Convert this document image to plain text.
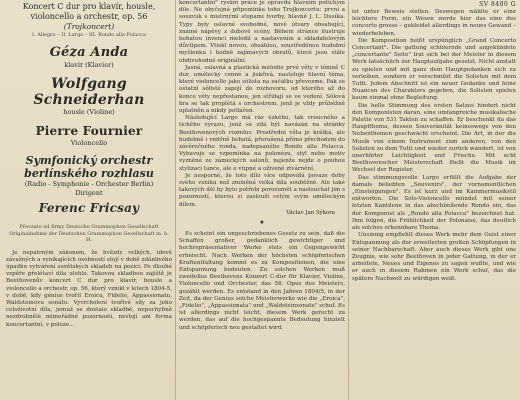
Koncert C dur pro klavír, housle,
violoncello a orchestr, op. 56
(Trojkoncert)
I. Allegro – II. Largo – III. Rondo alla Polacca
Géza Anda
klavír (Klavier)
Wolfgang Schneiderhan
housle (Violine)
Pierre Fournier
Violoncello
Symfonický orchestr
berlínského rozhlasu
(Radio - Symphonie - Orchester Berlin)
Dirigent
Ferenc Fricsay
Převzato od firmy Deutsche Grammophon Gesellschaft Originalnahme der Deutschen Grammophon Gesellschaft m. b. H.

Je nepatrným zákonem, že hvězdy velkých, idově závažných a vynikajících osobností stojí v době zdánlivého úpadku vytváření sovětských skladeb na pozici. Po dlouhé vzpěře přelétaví díla ulehlo. Takovou skladbou zajiště je Beethovenův koncert C dur pro klavír, housle a violoncello a orchestr, op. 56, který vznikl v letech 1804-5, v době, kdy génius tvořil Eroicu, Fidelio, Appassionatu, Waldsteinovu sonátu. Vyvrcholení tvořivé síly za jeho celoživotní díla, jemuž se dostalo skladbě, nepochybně nezdrobnělé mimořádné pozornosti, nestojí ani forma koncertantní, v poloze...

koncertantní" rysům práce je opravdu hlavním potichým díle. Ne obyčejná připomínka toho Trojkoncertu: první a souzvuk s mistrnými stopami tvorby, hlavně J. L. Dusíka. Typy byly oslavné svobodné, nové útvary obsahující, známé nápěvy z dobové scény. Během stránce ilustruje bohatou invenci melodií a nastavením a skladatelovým důvtipem. Vtiskl novou, obsáhlou, soustředěnou hudební myšlenku i hodně zajímavých obratů, které jsou stále obdivuhodně originální.

Jasná, oslavná a plastická melodie prvé věty v tónině C dur, umělecky cenné a jiskřivá, nastoluje hlavní téma, které violoncello jako sólista na začátku převezme. Pak se ostatní sólisté zapojí do rozhovoru, od kterého až do konce věty nepřestanou, jen střídají se ve vedení. Sólová hra se tak proplétá s orchestrem, jenž je vždy průběžně uplatněn a nikdy potlačen.

Následující Largo má ráz úzkého, tak vroucného a tichého výrazu, jenž se zdá být navázán na stránky Beethovenových rozmluv. Prostřední věta je krátká, ale hudebně i vnitřně bohatá, přerušená přímo přechodem do závěrečného ronda, nadepsaného Rondo alla Polacca. Vybavuje se vzpomínka na polonézu, styl nebo motiv vyzněné ze zámeckých salonů, nejenže nejde o pouhou stylizaci tance, ale o vtipné a oživené ztvárnění.

Je nesporné, že toto dílo více odpovídá povaze doby svého vzniku než zmíněná velká díla souběžně. Ale také takových děl by bylo potřebí porozumět a naslouchat jim s pozorností, kterou si zaslouží celým svým uměleckým dílem.

Václav Jan Sýkora
★

Es scheint ein ungeschriebenes Gesetz zu sein, daß die Schaffen großer, gedanklich gewichtiger und hochrepräsentativer Werke stets ein Gegengewicht erheischt. Nach Werken der höchsten schöpferischen Kraftentfaltung kommt es zu Kompositionen, die eine Entspannung bedeuten. Zu solchen Werken muß zweifellos Beethovens Konzert C-dur für Klavier, Violine, Violoncello und Orchester, das 56. Opus des Meisters, gezählt werden. Es entstand in den Jahren 1804/5, in der Zeit, da der Genius solche Meisterwerke wie die „Eroica", „Fidelio", „Appassionata" und „Waldsteinsonate" schuf. Es ist allerdings nicht leicht, diesem Werk gerecht zu werden, das auf die hochgespannte Bedeutung hinzielt und schöpferisch neu gestaltet wird.

SV 8400 G

ist unter Beweis stellen. Deswegen wählte er eine leichtere Form, ein Wesen werde hier das eine des concerto grosso – gekleidet allerdings in neues Gewand – wiederbeleben.

Die Komposition heißt urspünglich „Grand Concerto Concertant". Die gattung schülernde und angekündete „concertante" Seite" trat sich bei der Meister in diesem Werk tatsächlich zur Hauptaufgabe gesetzt. Nicht anstatt zu spielen und mit ganz dem Hauptgedanken sich zu verleihen, sondern er verschmilzt die Solisten mit dem Tutti. Jedem Abschnitt ist ein neuer Gedanke und feine Nuancen des Charakters gegeben, die Solisten spielen kaum einmal ohne Begleitung.

Die helle Stimmung des ersten Satzes hindert nicht den Komponisten daran, eine umfangreiche musikalische Palette von 531 Takten zu schaffen. Er beschenkt da das Hauptthema, dessen Souveränität keineswegs von den Nebenthemen geschwächt erscheint. Die Art, in der die Musik von einem Instrument zum anderen, von den Solisten zu dem Tutti und wieder zurück wandert, ist von unerhörter Leichtigkeit und Frische. Mit echt Beethovenscher Meisterschaft fließt die Musik im Wechsel der Register.

Das stimmungsvolle Largo erfüllt die Aufgabe der damals beliebten „Souvenirs", der vornamentlichen „Einsteigungen". Es ist kurz und im Kammermusikstil entworfen. Die Solo-Violoncello mündet mit seiner letzten Kantilene in das abschließende Rondo ein, das der Komponist als „Rondo alla Polacca" bezeichnet hat. Ihm folgen, die Fröhlichkeit der Polonaise, das deutlich als solches erkennbare Thema.

Unsinnig empfiehlt dieses Werk mehr dem Geist einer Entspannung als der erweiterten großen Schöpfungen in seiner Nachbarschaft. Aber auch dieses Werk gibt uns Zeugnis, wie sehr Beethoven in jeder Gattung, in der er arbeitete, Neues und Eigenes zu sagen wußte, und wie er auch in diesem Rahmen ein Werk schuf, das die spätere Nachwelt zu würdigen weiß.
